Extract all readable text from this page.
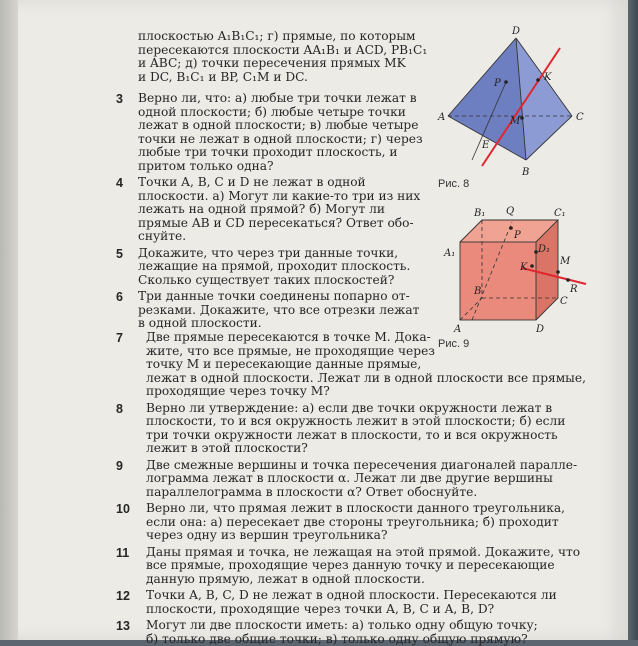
плоскостью A₁B₁C₁; г) прямые, по которым
пересекаются плоскости AA₁B₁ и ACD, PB₁C₁
и ABC; д) точки пересечения прямых MK
и DC, B₁C₁ и BP, C₁M и DC.
3 Верно ли, что: а) любые три точки лежат в
одной плоскости; б) любые четыре точки
лежат в одной плоскости; в) любые четыре
точки не лежат в одной плоскости; г) через
любые три точки проходит плоскость, и
притом только одна?
4 Точки A, B, C и D не лежат в одной
плоскости. а) Могут ли какие-то три из них
лежать на одной прямой? б) Могут ли
прямые AB и CD пересекаться? Ответ обо-
снуйте.
5 Докажите, что через три данные точки,
лежащие на прямой, проходит плоскость.
Сколько существует таких плоскостей?
6 Три данные точки соединены попарно от-
резками. Докажите, что все отрезки лежат
в одной плоскости.
7 Две прямые пересекаются в точке M. Дока-
жите, что все прямые, не проходящие через
точку M и пересекающие данные прямые,
лежат в одной плоскости. Лежат ли в одной плоскости все прямые,
проходящие через точку M?
8 Верно ли утверждение: а) если две точки окружности лежат в
плоскости, то и вся окружность лежит в этой плоскости; б) если
три точки окружности лежат в плоскости, то и вся окружность
лежит в этой плоскости?
9 Две смежные вершины и точка пересечения диагоналей паралле-
лограмма лежат в плоскости α. Лежат ли две другие вершины
параллелограмма в плоскости α? Ответ обоснуйте.
10 Верно ли, что прямая лежит в плоскости данного треугольника,
если она: а) пересекает две стороны треугольника; б) проходит
через одну из вершин треугольника?
11 Даны прямая и точка, не лежащая на этой прямой. Докажите, что
все прямые, проходящие через данную точку и пересекающие
данную прямую, лежат в одной плоскости.
12 Точки A, B, C, D не лежат в одной плоскости. Пересекаются ли
плоскости, проходящие через точки A, B, C и A, B, D?
13 Могут ли две плоскости иметь: а) только одну общую точку;
б) только две общие точки; в) только одну общую прямую?
D
K
P
A	M	C
E
B
Рис. 8
B₁ Q	C₁
P
A₁	D₁
K
M
B	R
C
A	D
Рис. 9
